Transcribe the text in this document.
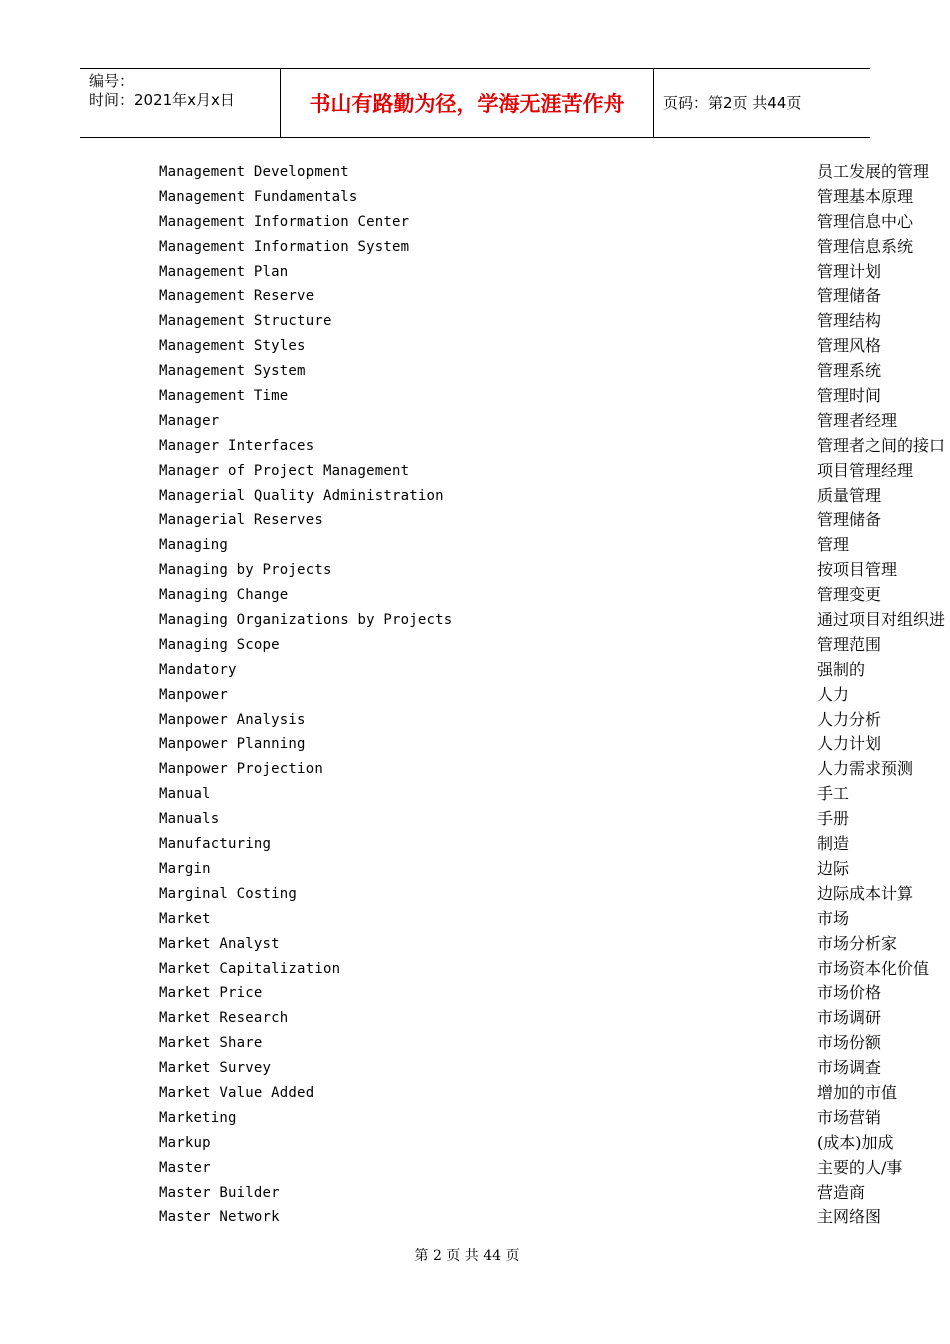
编号：
时间：2021年x月x日	书山有路勤为径，学海无涯苦作舟	页码：第2页 共44页
Management Development	员工发展的管理
Management Fundamentals	管理基本原理
Management Information Center	管理信息中心
Management Information System	管理信息系统
Management Plan	管理计划
Management Reserve	管理储备
Management Structure	管理结构
Management Styles	管理风格
Management System	管理系统
Management Time	管理时间
Manager	管理者经理
Manager Interfaces	管理者之间的接口
Manager of Project Management	项目管理经理
Managerial Quality Administration	质量管理
Managerial Reserves	管理储备
Managing	管理
Managing by Projects	按项目管理
Managing Change	管理变更
Managing Organizations by Projects	通过项目对组织进
Managing Scope	管理范围
Mandatory	强制的
Manpower	人力
Manpower Analysis	人力分析
Manpower Planning	人力计划
Manpower Projection	人力需求预测
Manual	手工
Manuals	手册
Manufacturing	制造
Margin	边际
Marginal Costing	边际成本计算
Market	市场
Market Analyst	市场分析家
Market Capitalization	市场资本化价值
Market Price	市场价格
Market Research	市场调研
Market Share	市场份额
Market Survey	市场调查
Market Value Added	增加的市值
Marketing	市场营销
Markup	(成本)加成
Master	主要的人/事
Master Builder	营造商
Master Network	主网络图
第 2 页 共 44 页
